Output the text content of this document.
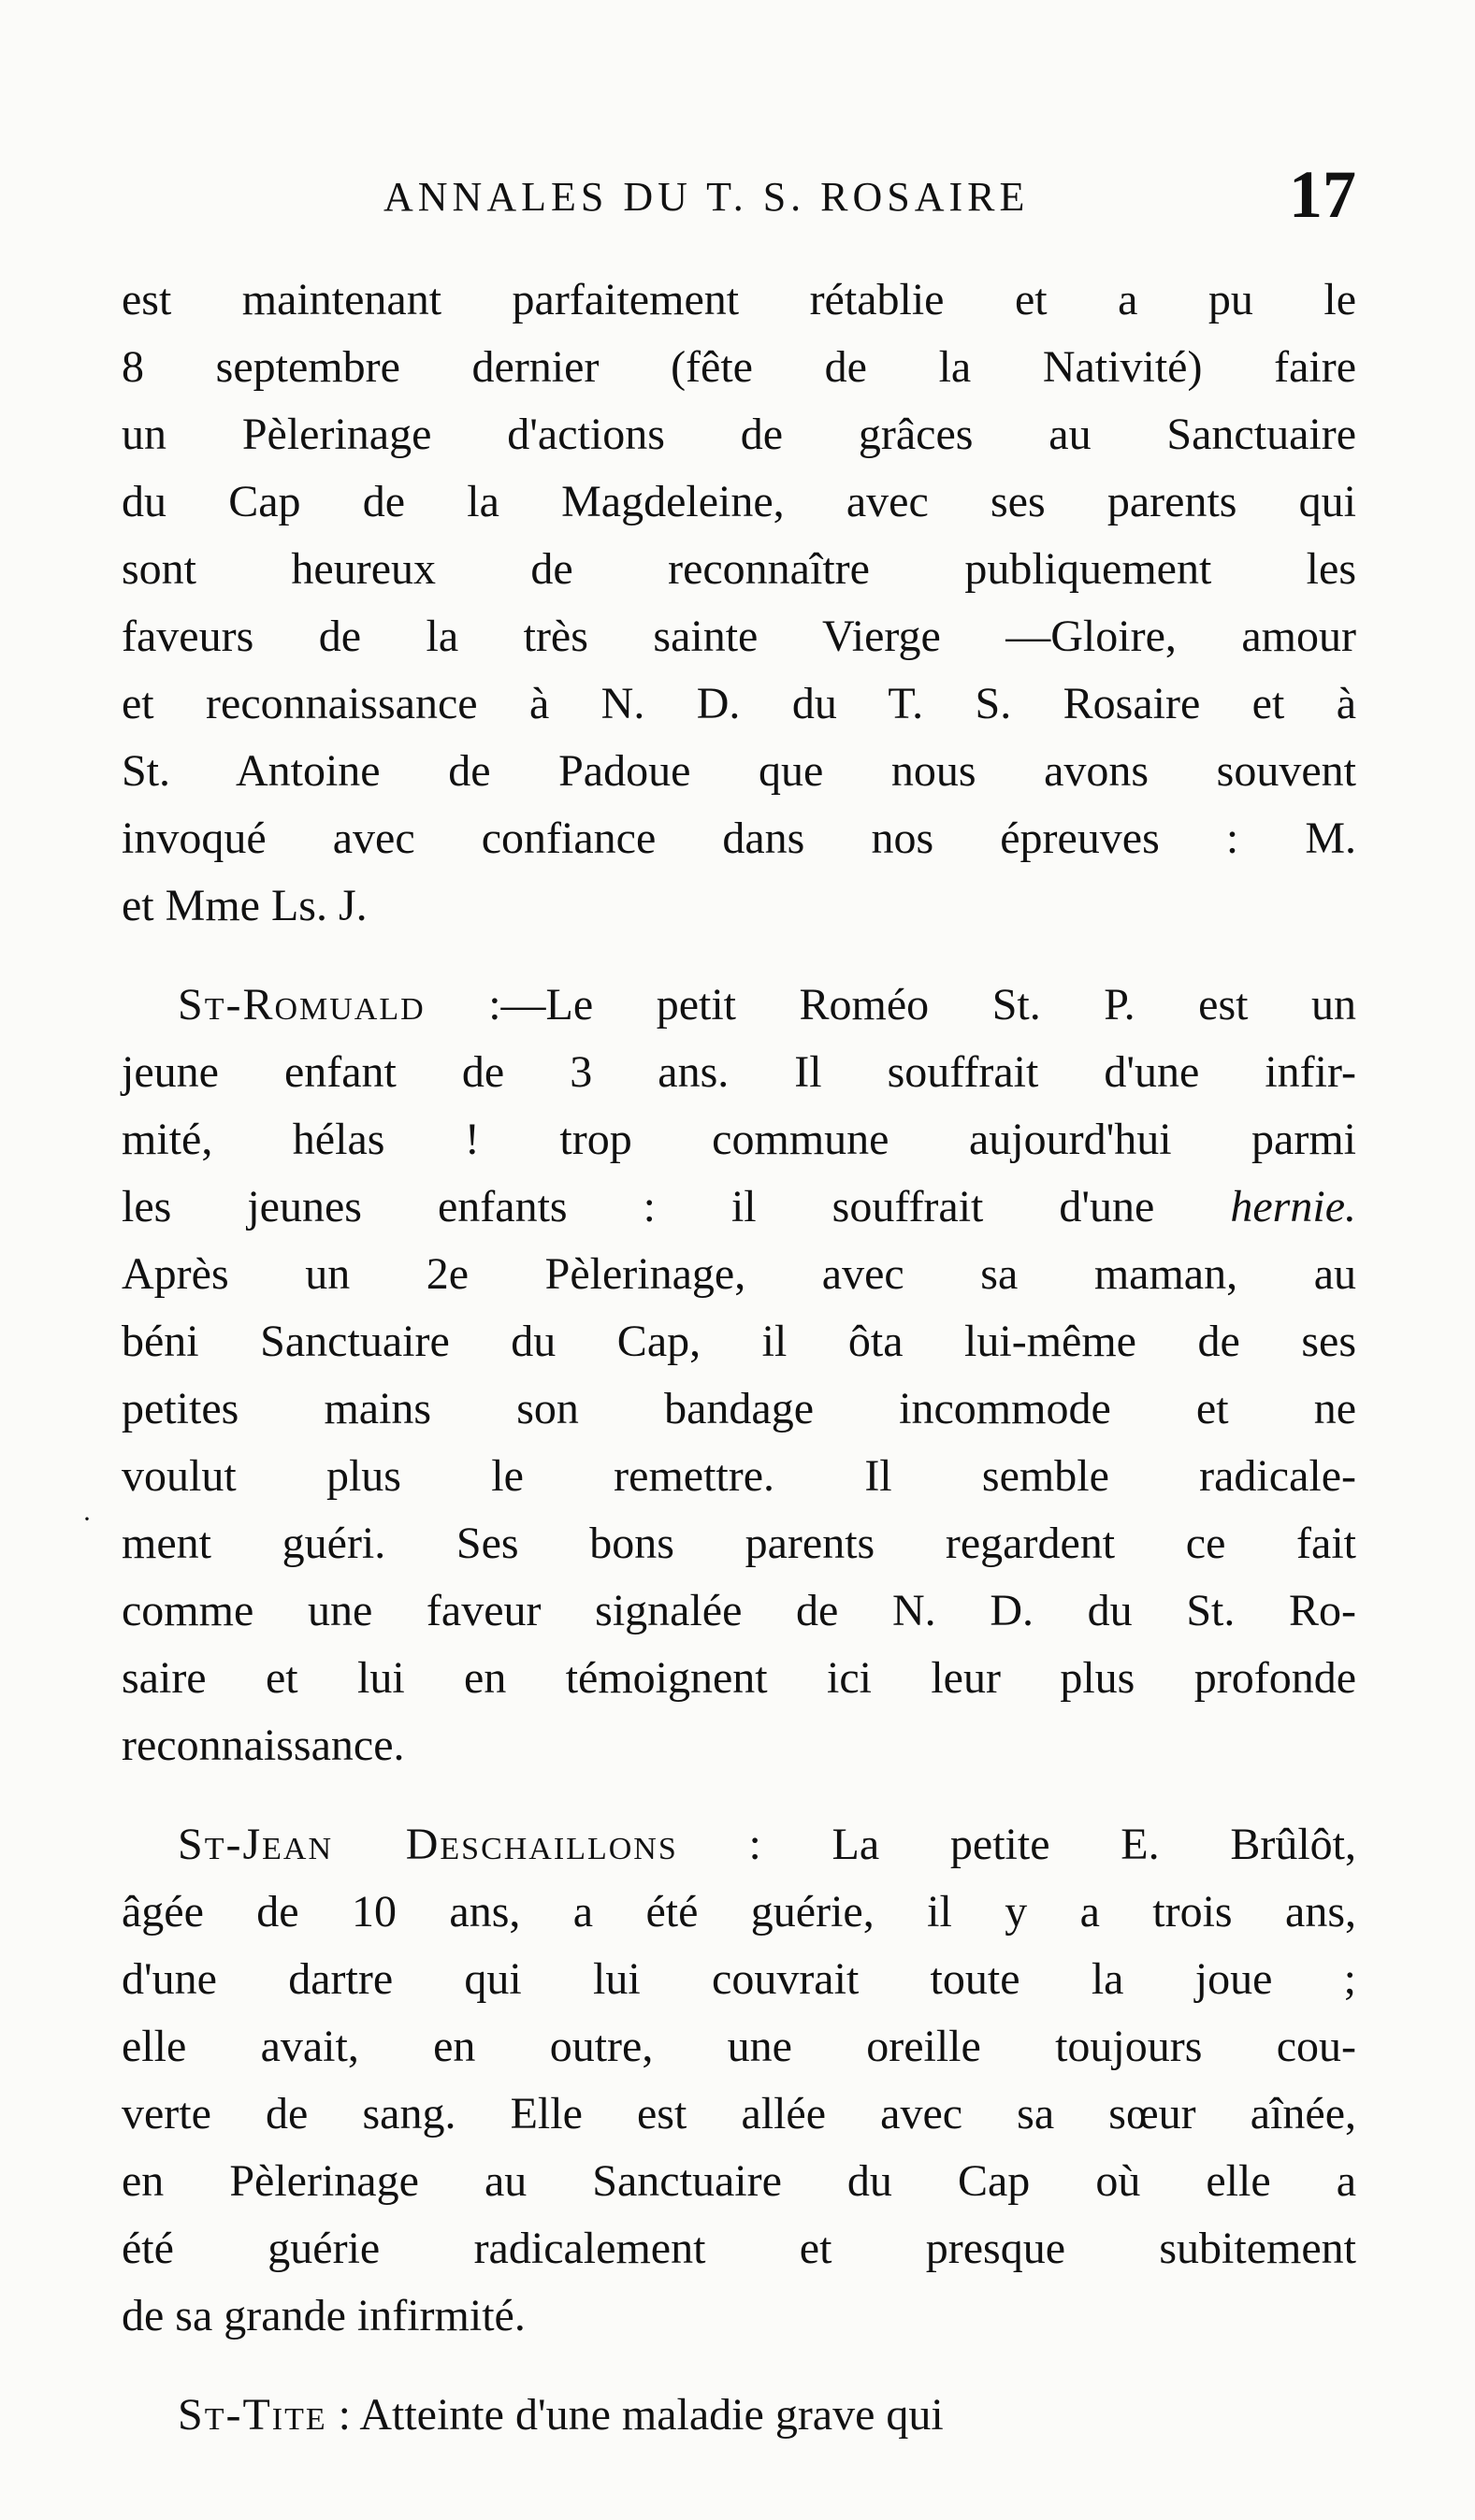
ANNALES DU T. S. ROSAIRE	17
·
est maintenant parfaitement rétablie et a pu le
8 septembre dernier (fête de la Nativité) faire
un Pèlerinage d'actions de grâces au Sanctuaire
du Cap de la Magdeleine, avec ses parents qui
sont heureux de reconnaître publiquement les
faveurs de la très sainte Vierge —Gloire, amour
et reconnaissance à N. D. du T. S. Rosaire et à
St. Antoine de Padoue que nous avons souvent
invoqué avec confiance dans nos épreuves : M.
et Mme Ls. J.
St-Romuald :—Le petit Roméo St. P. est un
jeune enfant de 3 ans. Il souffrait d'une infir-
mité, hélas ! trop commune aujourd'hui parmi
les jeunes enfants : il souffrait d'une hernie.
Après un 2e Pèlerinage, avec sa maman, au
béni Sanctuaire du Cap, il ôta lui-même de ses
petites mains son bandage incommode et ne
voulut plus le remettre. Il semble radicale-
ment guéri. Ses bons parents regardent ce fait
comme une faveur signalée de N. D. du St. Ro-
saire et lui en témoignent ici leur plus profonde
reconnaissance.
St-Jean Deschaillons : La petite E. Brûlôt,
âgée de 10 ans, a été guérie, il y a trois ans,
d'une dartre qui lui couvrait toute la joue ;
elle avait, en outre, une oreille toujours cou-
verte de sang. Elle est allée avec sa sœur aînée,
en Pèlerinage au Sanctuaire du Cap où elle a
été guérie radicalement et presque subitement
de sa grande infirmité.
St-Tite : Atteinte d'une maladie grave qui
